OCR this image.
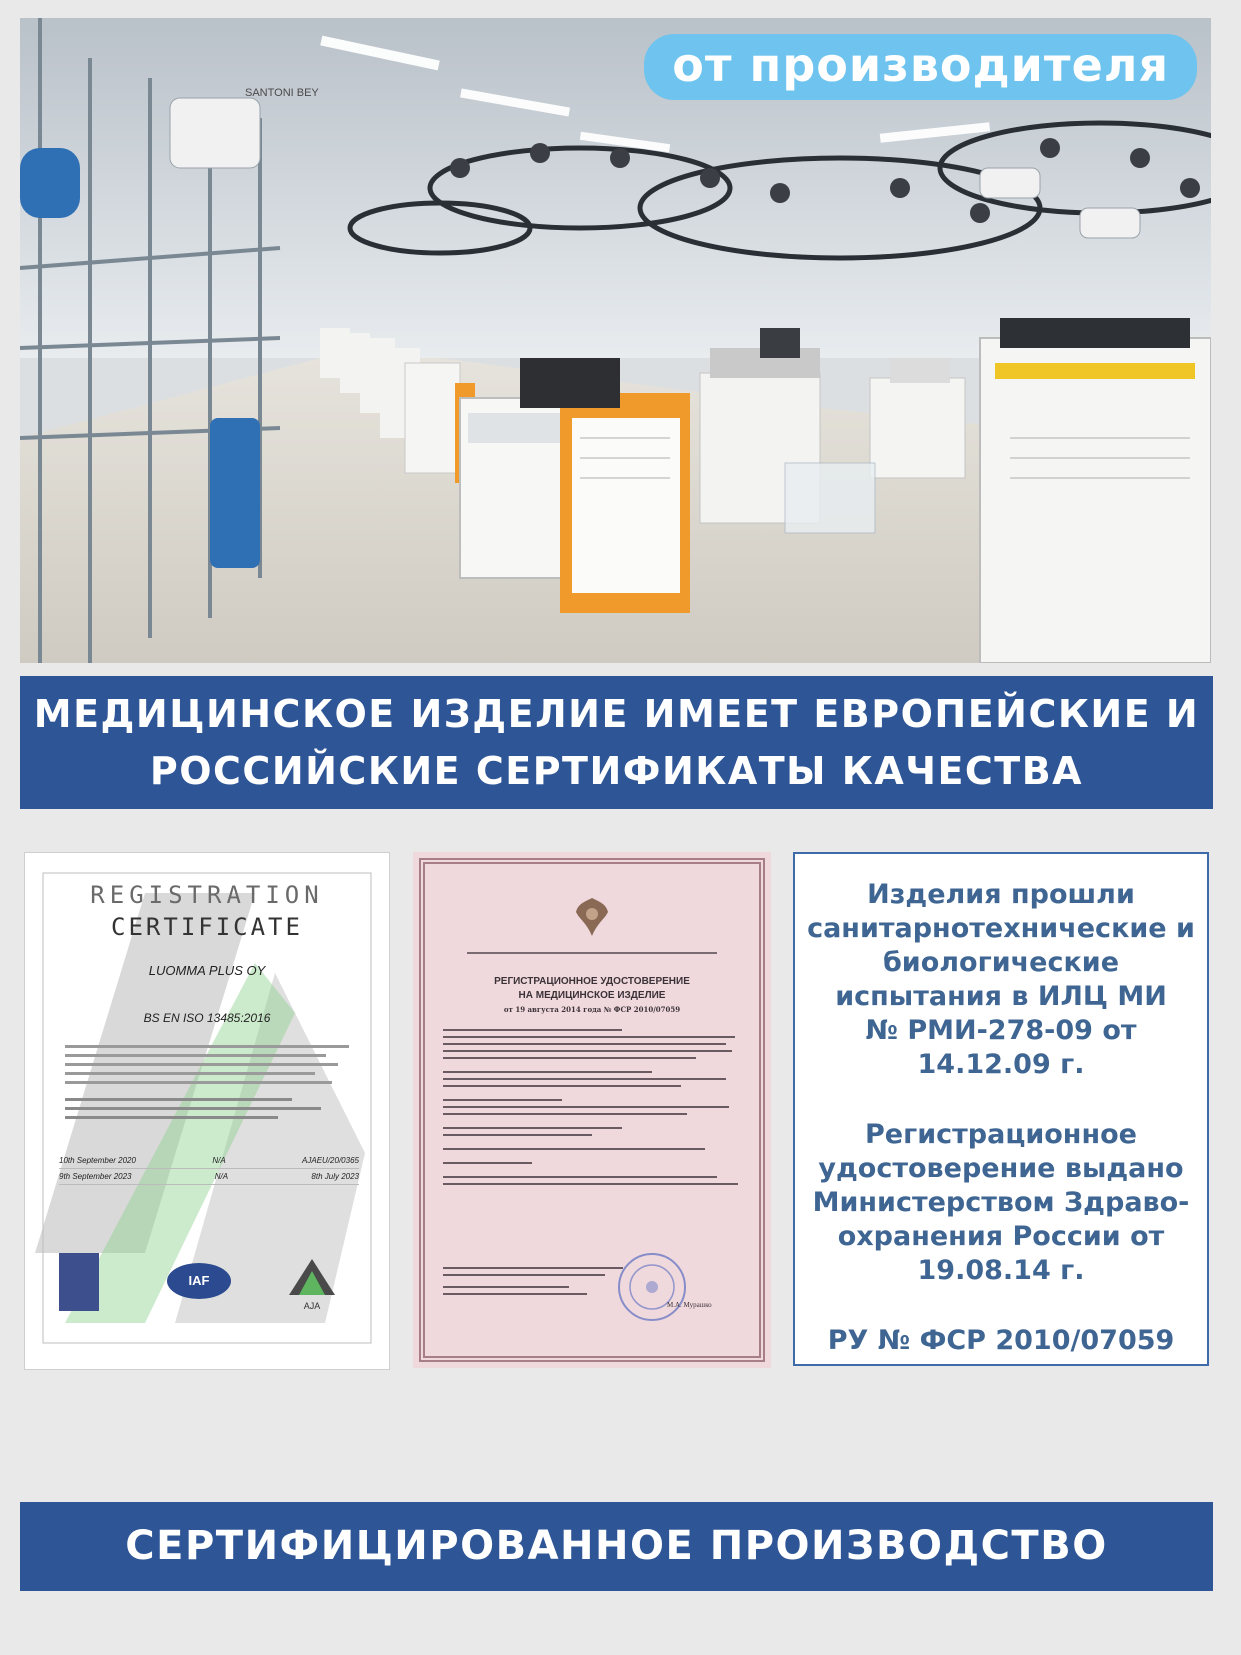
SANTONI BEY
от производителя
МЕДИЦИНСКОЕ ИЗДЕЛИЕ ИМЕЕТ ЕВРОПЕЙСКИЕ И
РОССИЙСКИЕ СЕРТИФИКАТЫ КАЧЕСТВА
REGISTRATION
CERTIFICATE
LUOMMA PLUS OY
BS EN ISO 13485:2016
10th September 2020	N/A	AJAEU/20/0365
9th September 2023	N/A	8th July 2023
IAF
AJA
РЕГИСТРАЦИОННОЕ УДОСТОВЕРЕНИЕ
НА МЕДИЦИНСКОЕ ИЗДЕЛИЕ
от 19 августа 2014 года № ФСР 2010/07059
М.А. Мурашко

Изделия прошли
санитарнотехнические и
биологические
испытания в ИЛЦ МИ
№ РМИ-278-09 от 14.12.09 г.

Регистрационное
удостоверение выдано
Министерством Здраво-
охранения России от
19.08.14 г.

РУ № ФСР 2010/07059

СЕРТИФИЦИРОВАННОЕ ПРОИЗВОДСТВО
